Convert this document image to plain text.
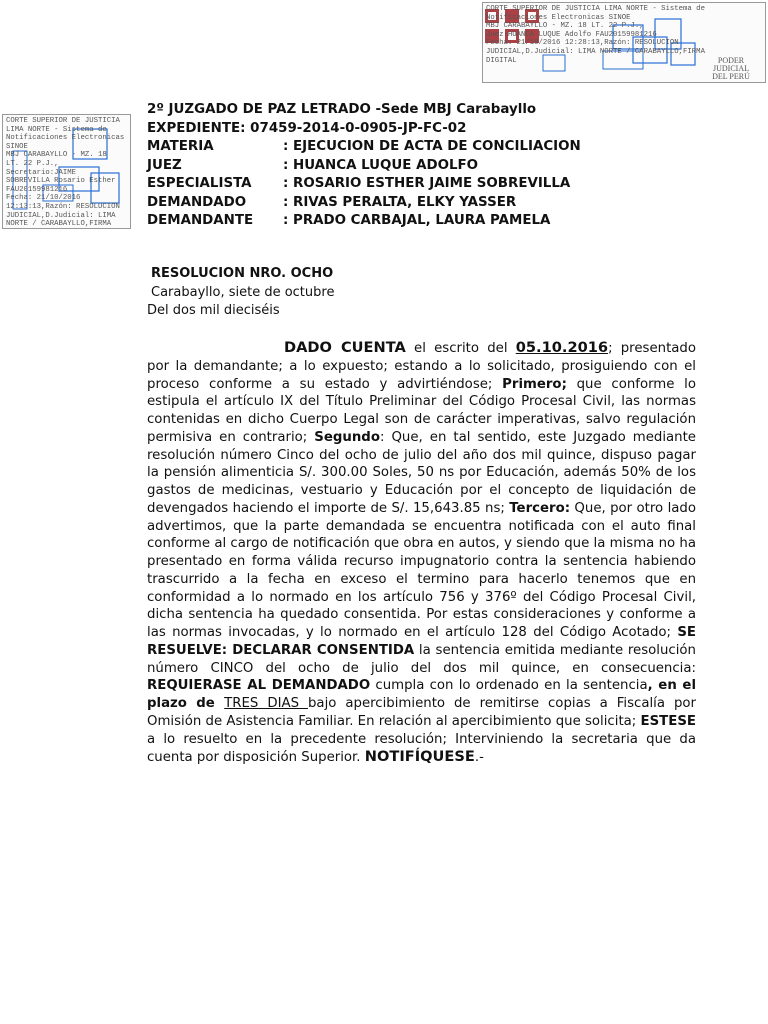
CORTE SUPERIOR DE JUSTICIA LIMA NORTE - Sistema de Notificaciones Electronicas SINOE
MBJ CARABAYLLO - MZ. 18 LT. 22 P.J.,
Juez:HUANCA LUQUE Adolfo FAU20159981216
Fecha: 21/10/2016 12:28:13,Razón: RESOLUCION
JUDICIAL,D.Judicial: LIMA NORTE / CARABAYLLO,FIRMA
DIGITAL	PODER JUDICIAL
DEL PERÚ
CORTE SUPERIOR DE JUSTICIA
LIMA NORTE - Sistema de
Notificaciones Electronicas
SINOE
MBJ CARABAYLLO - MZ. 18
LT. 22 P.J.,
Secretario:JAIME
SOBREVILLA Rosario Esther
FAU20159981216
Fecha: 21/10/2016
12:13:13,Razón: RESOLUCION
JUDICIAL,D.Judicial: LIMA
NORTE / CARABAYLLO,FIRMA
2º JUZGADO DE PAZ LETRADO -Sede MBJ Carabayllo
EXPEDIENTE: 07459-2014-0-0905-JP-FC-02
MATERIA	: EJECUCION DE ACTA DE CONCILIACION
JUEZ	: HUANCA LUQUE ADOLFO
ESPECIALISTA : ROSARIO ESTHER JAIME SOBREVILLA
DEMANDADO	: RIVAS PERALTA, ELKY YASSER
DEMANDANTE : PRADO CARBAJAL, LAURA PAMELA
RESOLUCION NRO. OCHO
Carabayllo, siete de octubre
Del dos mil dieciséis

DADO CUENTA el escrito del 05.10.2016; presentado por la demandante; a lo expuesto; estando a lo solicitado, prosiguiendo con el proceso conforme a su estado y advirtiéndose; Primero; que conforme lo estipula el artículo IX del Título Preliminar del Código Procesal Civil, las normas contenidas en dicho Cuerpo Legal son de carácter imperativas, salvo regulación permisiva en contrario; Segundo: Que, en tal sentido, este Juzgado mediante resolución número Cinco del ocho de julio del año dos mil quince, dispuso pagar la pensión alimenticia S/. 300.00 Soles, 50 ns por Educación, además 50% de los gastos de medicinas, vestuario y Educación por el concepto de liquidación de devengados haciendo el importe de S/. 15,643.85 ns; Tercero: Que, por otro lado advertimos, que la parte demandada se encuentra notificada con el auto final conforme al cargo de notificación que obra en autos, y siendo que la misma no ha presentado en forma válida recurso impugnatorio contra la sentencia habiendo trascurrido a la fecha en exceso el termino para hacerlo tenemos que en conformidad a lo normado en los artículo 756 y 376º del Código Procesal Civil, dicha sentencia ha quedado consentida. Por estas consideraciones y conforme a las normas invocadas, y lo normado en el artículo 128 del Código Acotado; SE RESUELVE: DECLARAR CONSENTIDA la sentencia emitida mediante resolución número CINCO del ocho de julio del dos mil quince, en consecuencia: REQUIERASE AL DEMANDADO cumpla con lo ordenado en la sentencia, en el plazo de TRES DIAS bajo apercibimiento de remitirse copias a Fiscalía por Omisión de Asistencia Familiar. En relación al apercibimiento que solicita; ESTESE a lo resuelto en la precedente resolución; Interviniendo la secretaria que da cuenta por disposición Superior. NOTIFÍQUESE.-
